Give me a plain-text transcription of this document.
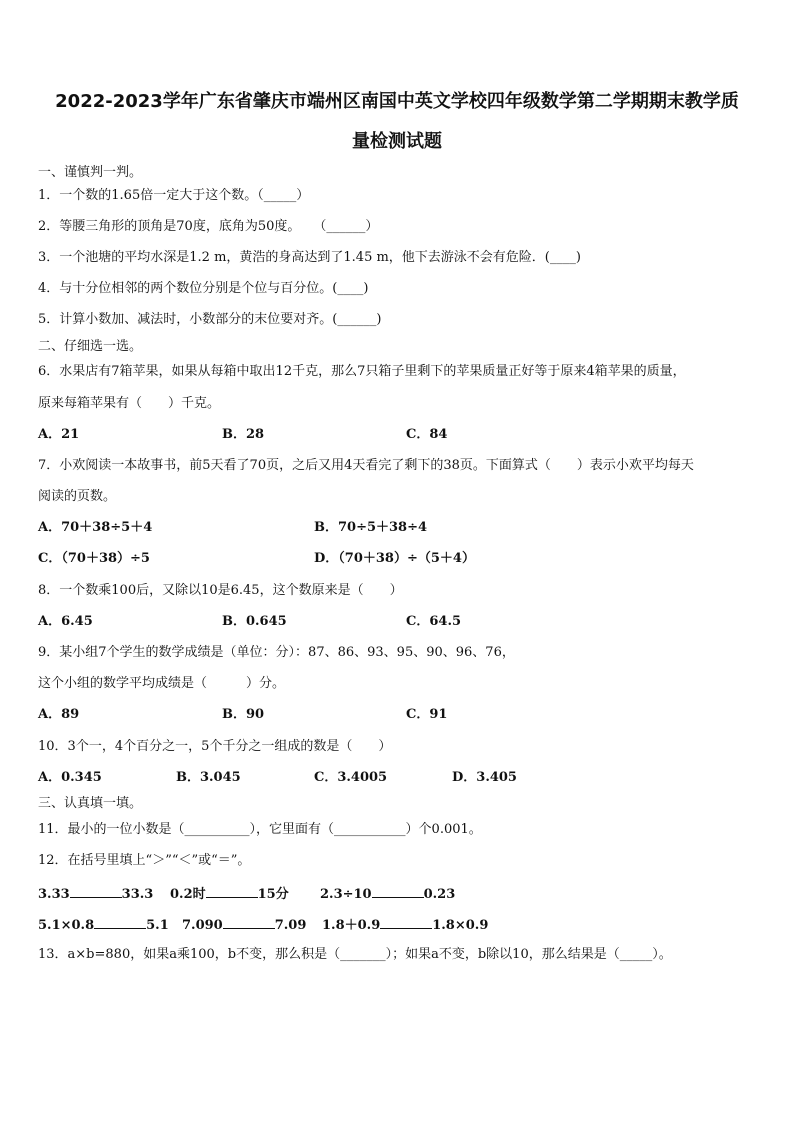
2022-2023学年广东省肇庆市端州区南国中英文学校四年级数学第二学期期末教学质
量检测试题
一、谨慎判一判。
1．一个数的1.65倍一定大于这个数。（_____）
2．等腰三角形的顶角是70度，底角为50度。　　（______）
3．一个池塘的平均水深是1.2 m，黄浩的身高达到了1.45 m，他下去游泳不会有危险．(____)
4．与十分位相邻的两个数位分别是个位与百分位。(____)
5．计算小数加、减法时，小数部分的末位要对齐。(______)
二、仔细选一选。
6．水果店有7箱苹果，如果从每箱中取出12千克，那么7只箱子里剩下的苹果质量正好等于原来4箱苹果的质量，
原来每箱苹果有（　　）千克。
A．21	B．28	C．84
7．小欢阅读一本故事书，前5天看了70页，之后又用4天看完了剩下的38页。下面算式（　　）表示小欢平均每天
阅读的页数。
A．70＋38÷5＋4	B．70÷5＋38÷4
C．（70＋38）÷5	D．（70＋38）÷（5＋4）
8．一个数乘100后，又除以10是6.45，这个数原来是（　　）
A．6.45	B．0.645	C．64.5
9．某小组7个学生的数学成绩是（单位：分）：87、86、93、95、90、96、76，
这个小组的数学平均成绩是（　　　）分。
A．89	B．90	C．91
10．3个一，4个百分之一，5个千分之一组成的数是（　　）
A．0.345	B．3.045	C．3.4005	D．3.405
三、认真填一填。
11．最小的一位小数是（__________），它里面有（___________）个0.001。
12．在括号里填上“＞”“＜”或“＝”。
3.33	33.3 0.2时	15分 2.3÷10	0.23
5.1×0.8	5.1 7.090	7.09 1.8＋0.9	1.8×0.9
13．a×b=880，如果a乘100，b不变，那么积是（_______）；如果a不变，b除以10，那么结果是（_____）。
